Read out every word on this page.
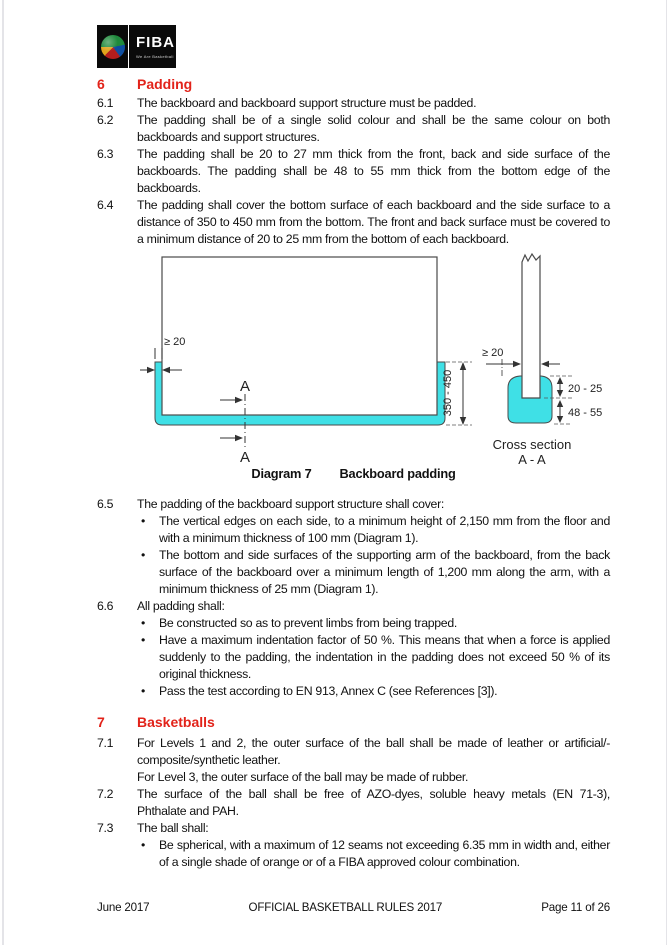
FIBA
We Are Basketball
6	Padding
6.1	The backboard and backboard support structure must be padded.
6.2	The padding shall be of a single solid colour and shall be the same colour on both backboards and support structures.
6.3	The padding shall be 20 to 27 mm thick from the front, back and side surface of the backboards. The padding shall be 48 to 55 mm thick from the bottom edge of the backboards.
6.4	The padding shall cover the bottom surface of each backboard and the side surface to a distance of 350 to 450 mm from the bottom. The front and back surface must be covered to a minimum distance of 20 to 25 mm from the bottom of each backboard.
≥ 20
A
A
350 - 450
≥ 20
20 - 25
48 - 55
Cross section
A - A
Diagram 7 Backboard padding
6.5	The padding of the backboard support structure shall cover:
•	The vertical edges on each side, to a minimum height of 2,150 mm from the floor and with a minimum thickness of 100 mm (Diagram 1).
•	The bottom and side surfaces of the supporting arm of the backboard, from the back surface of the backboard over a minimum length of 1,200 mm along the arm, with a minimum thickness of 25 mm (Diagram 1).
6.6	All padding shall:
•	Be constructed so as to prevent limbs from being trapped.
•	Have a maximum indentation factor of 50 %. This means that when a force is applied suddenly to the padding, the indentation in the padding does not exceed 50 % of its original thickness.
•	Pass the test according to EN 913, Annex C (see References [3]).
7	Basketballs
7.1	For Levels 1 and 2, the outer surface of the ball shall be made of leather or artificial/-composite/synthetic leather.
For Level 3, the outer surface of the ball may be made of rubber.
7.2	The surface of the ball shall be free of AZO-dyes, soluble heavy metals (EN 71-3), Phthalate and PAH.
7.3	The ball shall:
•	Be spherical, with a maximum of 12 seams not exceeding 6.35 mm in width and, either of a single shade of orange or of a FIBA approved colour combination.
June 2017	OFFICIAL BASKETBALL RULES 2017	Page 11 of 26
